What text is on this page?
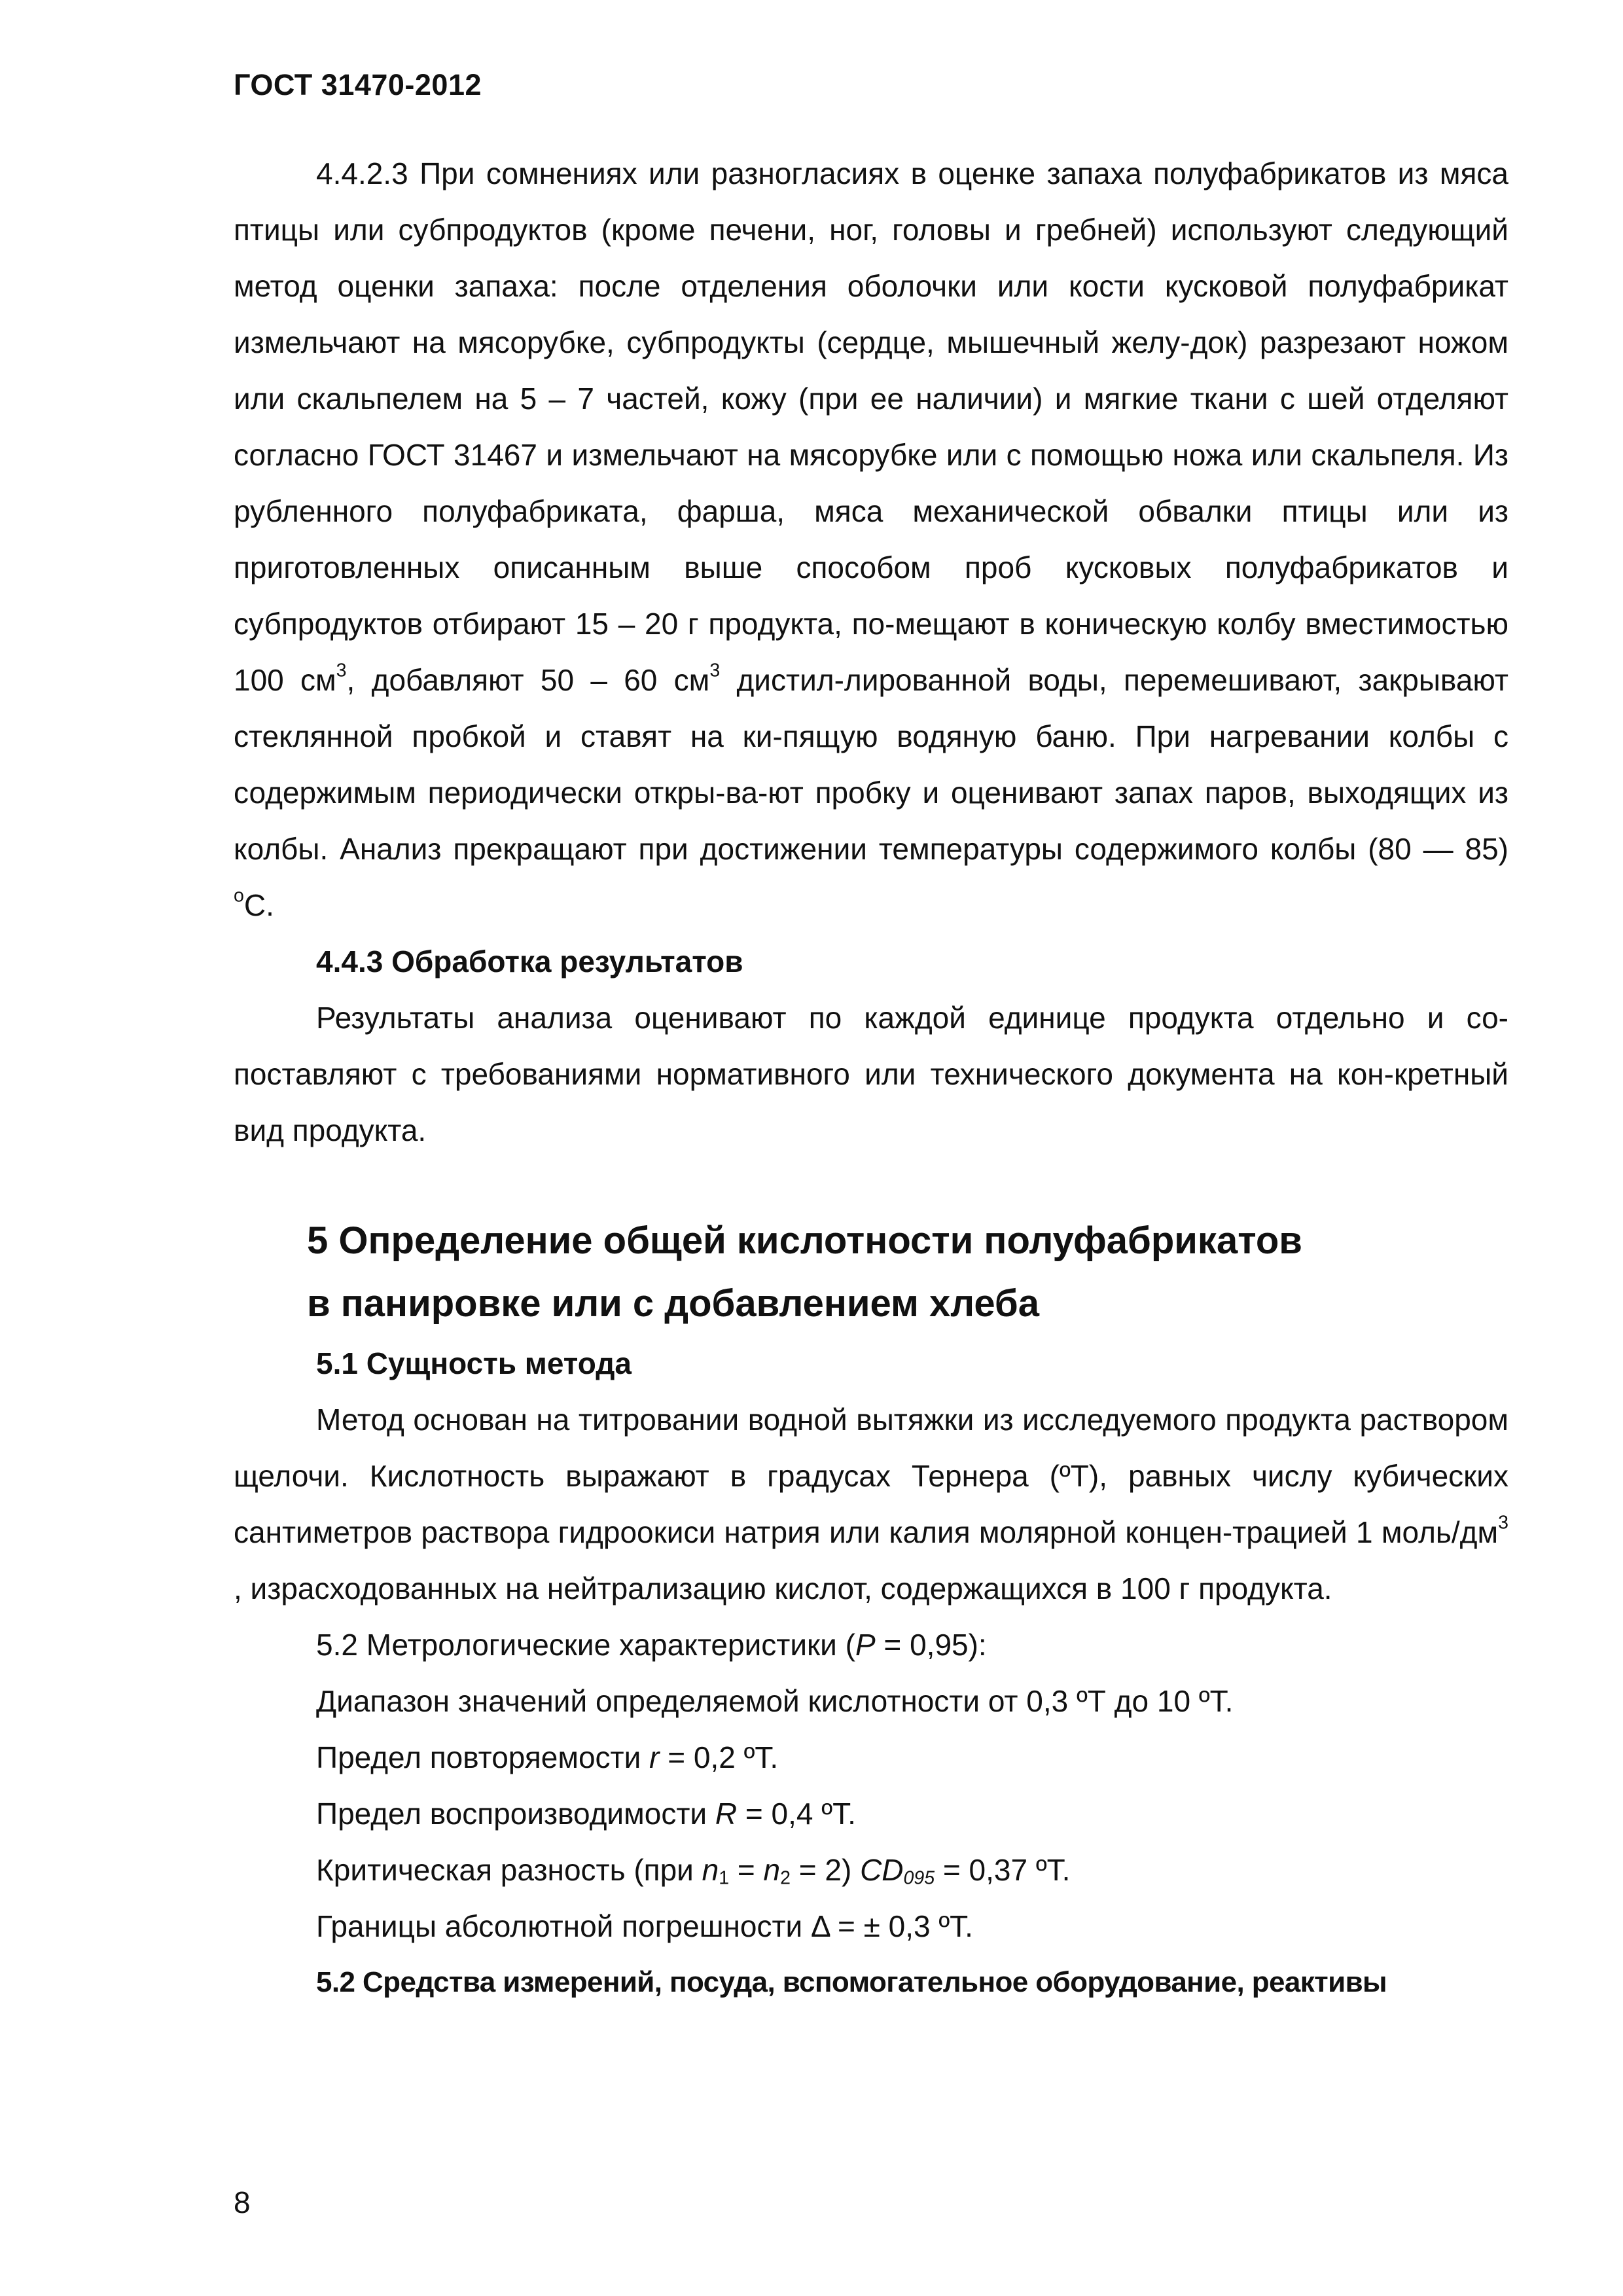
ГОСТ 31470-2012

4.4.2.3 При сомнениях или разногласиях в оценке запаха полуфабрикатов из мяса птицы или субпродуктов (кроме печени, ног, головы и гребней) используют следующий метод оценки запаха: после отделения оболочки или кости кусковой полуфабрикат измельчают на мясорубке, субпродукты (сердце, мышечный желу-док) разрезают ножом или скальпелем на 5 – 7 частей, кожу (при ее наличии) и мягкие ткани с шей отделяют согласно ГОСТ 31467 и измельчают на мясорубке или с помощью ножа или скальпеля. Из рубленного полуфабриката, фарша, мяса механической обвалки птицы или из приготовленных описанным выше способом проб кусковых полуфабрикатов и субпродуктов отбирают 15 – 20 г продукта, по-мещают в коническую колбу вместимостью 100 $см^3$, добавляют 50 – 60 $см^3$ дистил-лированной воды, перемешивают, закрывают стеклянной пробкой и ставят на ки-пящую водяную баню. При нагревании колбы с содержимым периодически откры-ва-ют пробку и оценивают запах паров, выходящих из колбы. Анализ прекращают при достижении температуры содержимого колбы (80 — 85) $^о$С.

4.4.3 Обработка результатов

Результаты анализа оценивают по каждой единице продукта отдельно и со-поставляют с требованиями нормативного или технического документа на кон-кретный вид продукта.

5 Определение общей кислотности полуфабрикатов
в панировке или с добавлением хлеба

5.1 Сущность метода

Метод основан на титровании водной вытяжки из исследуемого продукта раствором щелочи. Кислотность выражают в градусах Тернера (ºТ), равных числу кубических сантиметров раствора гидроокиси натрия или калия молярной концен-трацией 1 моль/$дм^3$ , израсходованных на нейтрализацию кислот, содержащихся в 100 г продукта.

5.2 Метрологические характеристики (Р = 0,95):

Диапазон значений определяемой кислотности от 0,3 ºТ до 10 ºТ.

Предел повторяемости r = 0,2 ºТ.

Предел воспроизводимости R = 0,4 ºТ.

Критическая разность (при $n_1 = n_2 = 2$) $CD_{095} = 0,37$ ºТ.

Границы абсолютной погрешности Δ = ± 0,3 ºТ.

5.2 Средства измерений, посуда, вспомогательное оборудование, реактивы

8
